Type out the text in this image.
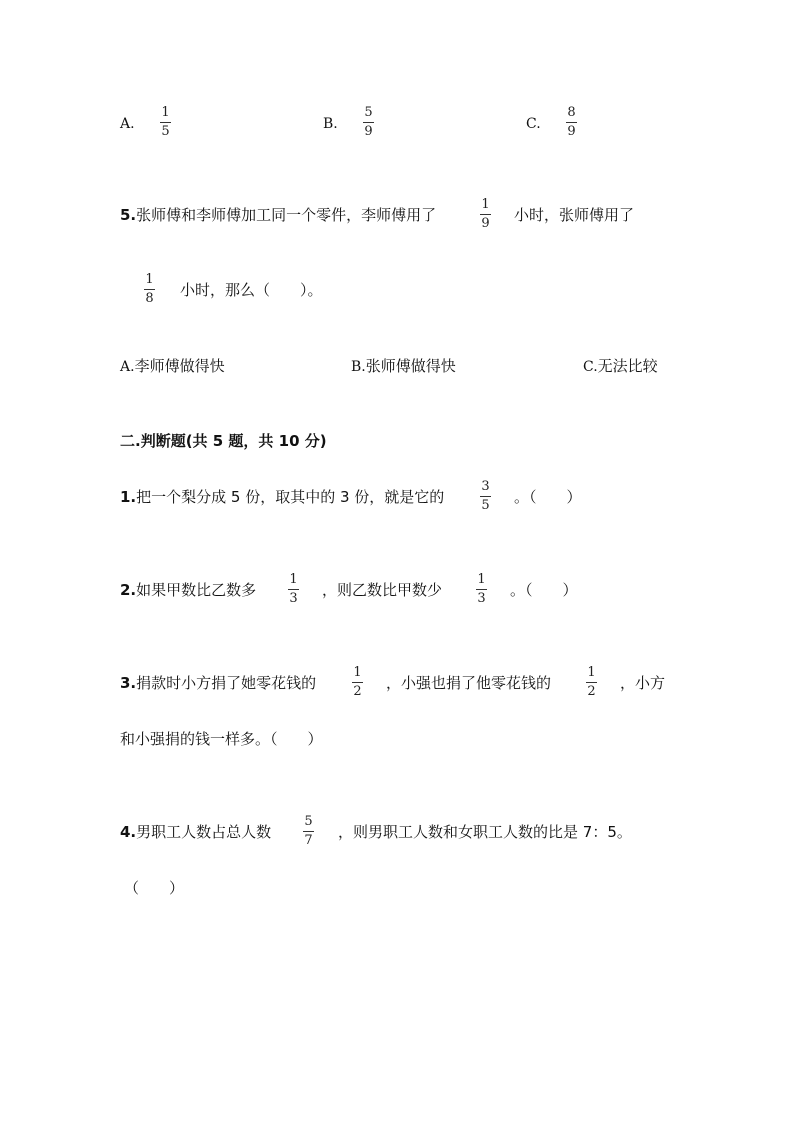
A.
1
5	B.
5
9	C.
8
9
5.张师傅和李师傅加工同一个零件，李师傅用了
1
9 小时，张师傅用了
1
8 小时，那么（　　）。
A.李师傅做得快	B.张师傅做得快	C.无法比较
二.判断题(共 5 题，共 10 分)
1.把一个梨分成 5 份，取其中的 3 份，就是它的
3
5 。（　　）
2.如果甲数比乙数多
1
3 ，则乙数比甲数少
1
3 。（　　）
3.捐款时小方捐了她零花钱的
1
2 ，小强也捐了他零花钱的
1
2 ，小方
和小强捐的钱一样多。（　　）
4.男职工人数占总人数
5
7 ，则男职工人数和女职工人数的比是 7：5。
（　　）
